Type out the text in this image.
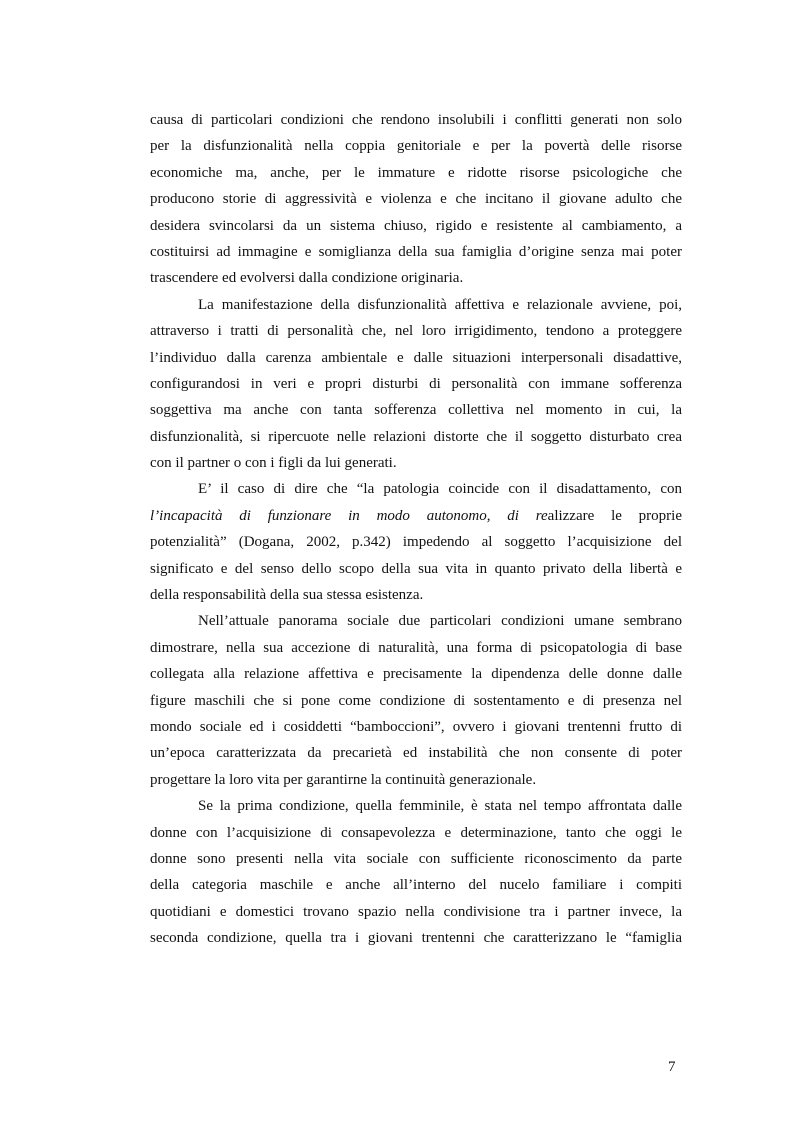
causa di particolari condizioni che rendono insolubili i conflitti generati non solo
per la disfunzionalità nella coppia genitoriale e per la povertà delle risorse
economiche ma, anche, per le immature e ridotte risorse psicologiche che
producono storie di aggressività e violenza e che incitano il giovane adulto che
desidera svincolarsi da un sistema chiuso, rigido e resistente al cambiamento, a
costituirsi ad immagine e somiglianza della sua famiglia d’origine senza mai poter
trascendere ed evolversi dalla condizione originaria.
La manifestazione della disfunzionalità affettiva e relazionale avviene, poi,
attraverso i tratti di personalità che, nel loro irrigidimento, tendono a proteggere
l’individuo dalla carenza ambientale e dalle situazioni interpersonali disadattive,
configurandosi in veri e propri disturbi di personalità con immane sofferenza
soggettiva ma anche con tanta sofferenza collettiva nel momento in cui, la
disfunzionalità, si ripercuote nelle relazioni distorte che il soggetto disturbato crea
con il partner o con i figli da lui generati.
E’ il caso di dire che “la patologia coincide con il disadattamento, con
l’incapacità di funzionare in modo autonomo, di realizzare le proprie
potenzialità” (Dogana, 2002, p.342) impedendo al soggetto l’acquisizione del
significato e del senso dello scopo della sua vita in quanto privato della libertà e
della responsabilità della sua stessa esistenza.
Nell’attuale panorama sociale due particolari condizioni umane sembrano
dimostrare, nella sua accezione di naturalità, una forma di psicopatologia di base
collegata alla relazione affettiva e precisamente la dipendenza delle donne dalle
figure maschili che si pone come condizione di sostentamento e di presenza nel
mondo sociale ed i cosiddetti “bamboccioni”, ovvero i giovani trentenni frutto di
un’epoca caratterizzata da precarietà ed instabilità che non consente di poter
progettare la loro vita per garantirne la continuità generazionale.
Se la prima condizione, quella femminile, è stata nel tempo affrontata dalle
donne con l’acquisizione di consapevolezza e determinazione, tanto che oggi le
donne sono presenti nella vita sociale con sufficiente riconoscimento da parte
della categoria maschile e anche all’interno del nucelo familiare i compiti
quotidiani e domestici trovano spazio nella condivisione tra i partner invece, la
seconda condizione, quella tra i giovani trentenni che caratterizzano le “famiglia
7
